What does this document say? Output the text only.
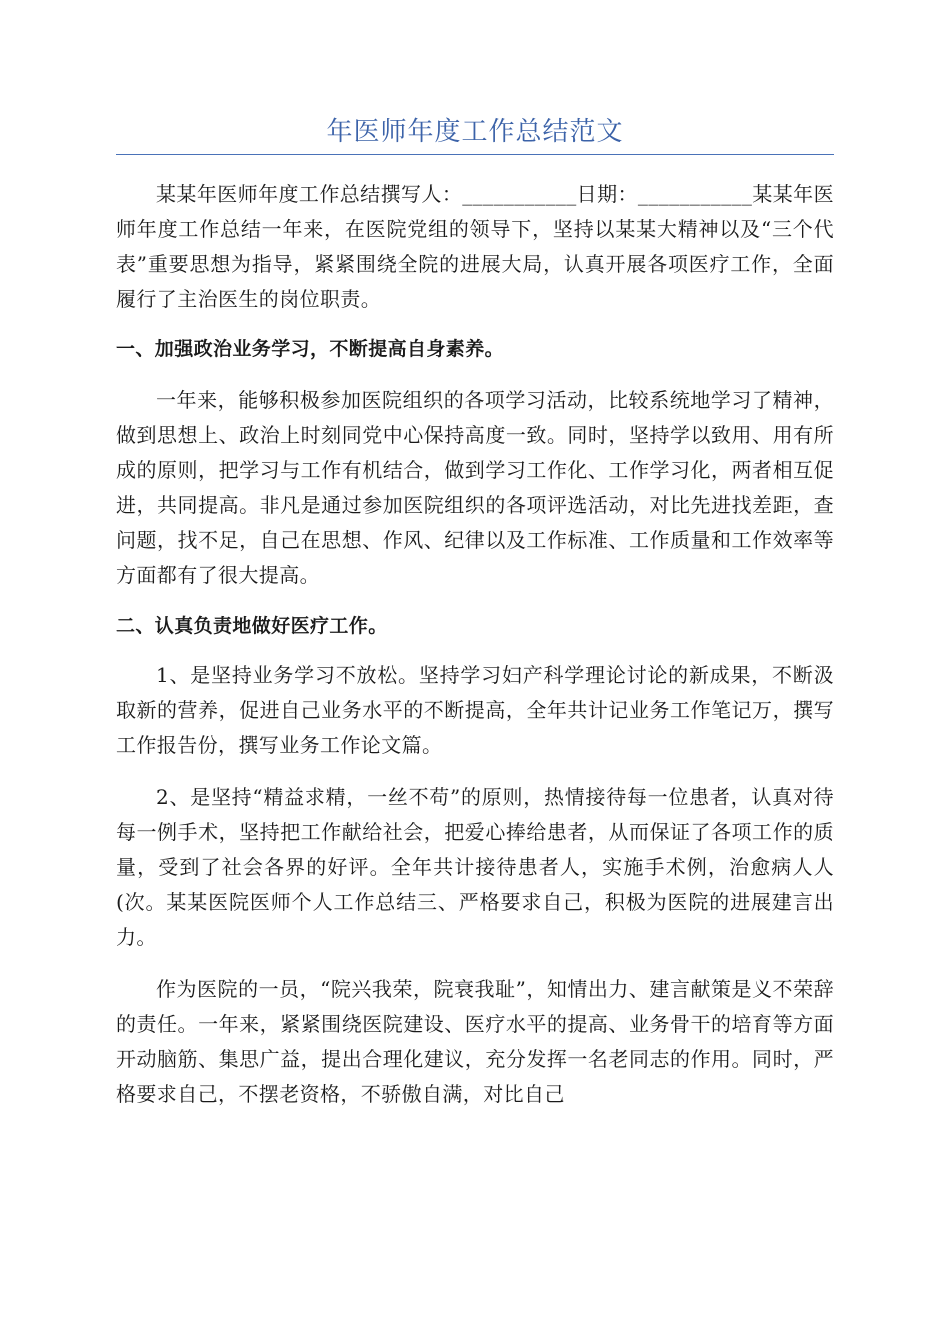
年医师年度工作总结范文

某某年医师年度工作总结撰写人：___________日期：___________某某年医师年度工作总结一年来，在医院党组的领导下，坚持以某某大精神以及“三个代表”重要思想为指导，紧紧围绕全院的进展大局，认真开展各项医疗工作，全面履行了主治医生的岗位职责。

一、加强政治业务学习，不断提高自身素养。

一年来，能够积极参加医院组织的各项学习活动，比较系统地学习了精神，做到思想上、政治上时刻同党中心保持高度一致。同时，坚持学以致用、用有所成的原则，把学习与工作有机结合，做到学习工作化、工作学习化，两者相互促进，共同提高。非凡是通过参加医院组织的各项评选活动，对比先进找差距，查问题，找不足，自己在思想、作风、纪律以及工作标准、工作质量和工作效率等方面都有了很大提高。

二、认真负责地做好医疗工作。

1、是坚持业务学习不放松。坚持学习妇产科学理论讨论的新成果，不断汲取新的营养，促进自己业务水平的不断提高，全年共计记业务工作笔记万，撰写工作报告份，撰写业务工作论文篇。

2、是坚持“精益求精，一丝不苟”的原则，热情接待每一位患者，认真对待每一例手术，坚持把工作献给社会，把爱心捧给患者，从而保证了各项工作的质量，受到了社会各界的好评。全年共计接待患者人，实施手术例，治愈病人人(次。某某医院医师个人工作总结三、严格要求自己，积极为医院的进展建言出力。

作为医院的一员，“院兴我荣，院衰我耻”，知情出力、建言献策是义不荣辞的责任。一年来，紧紧围绕医院建设、医疗水平的提高、业务骨干的培育等方面开动脑筋、集思广益，提出合理化建议，充分发挥一名老同志的作用。同时，严格要求自己，不摆老资格，不骄傲自满，对比自己
